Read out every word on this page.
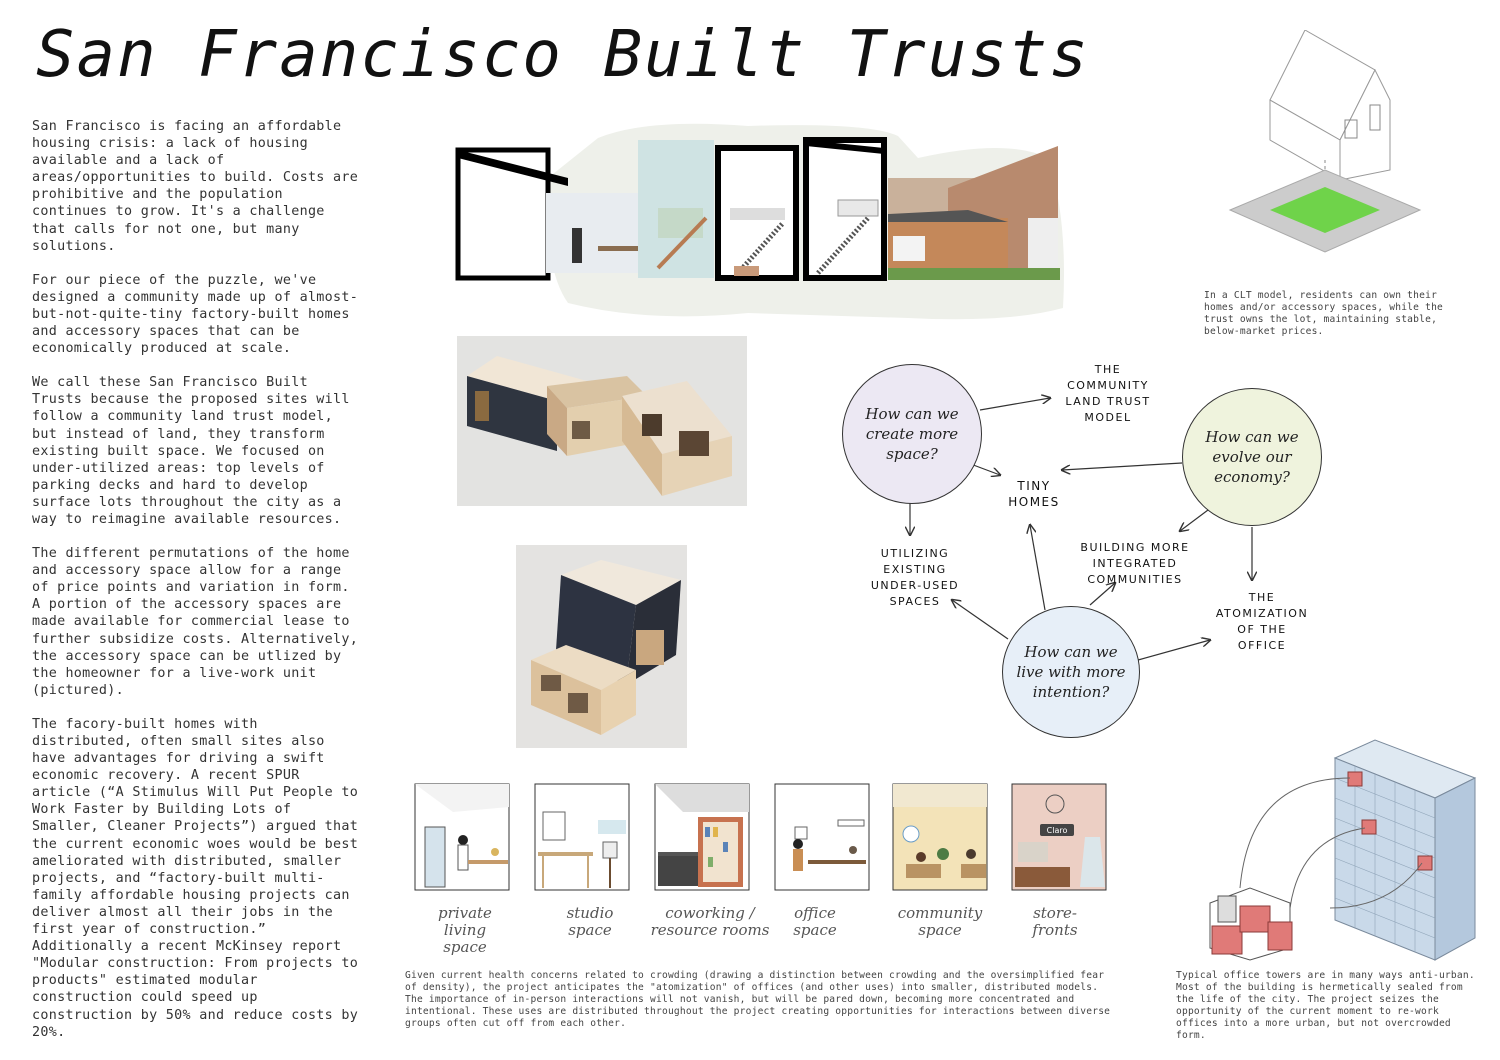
San Francisco Built Trusts

San Francisco is facing an affordable housing crisis: a lack of housing available and a lack of areas/opportunities to build. Costs are prohibitive and the population continues to grow. It's a challenge that calls for not one, but many solutions.

For our piece of the puzzle, we've designed a community made up of almost-but-not-quite-tiny factory-built homes and accessory spaces that can be economically produced at scale.

We call these San Francisco Built Trusts because the proposed sites will follow a community land trust model, but instead of land, they transform existing built space. We focused on under-utilized areas: top levels of parking decks and hard to develop surface lots throughout the city as a way to reimagine available resources.

The different permutations of the home and accessory space allow for a range of price points and variation in form. A portion of the accessory spaces are made available for commercial lease to further subsidize costs. Alternatively, the accessory space can be utlized by the homeowner for a live-work unit (pictured).

The facory-built homes with distributed, often small sites also have advantages for driving a swift economic recovery. A recent SPUR article (“A Stimulus Will Put People to Work Faster by Building Lots of Smaller, Cleaner Projects”) argued that the current economic woes would be best ameliorated with distributed, smaller projects, and “factory-built multi-family affordable housing projects can deliver almost all their jobs in the first year of construction.” Additionally a recent McKinsey report "Modular construction: From projects to products" estimated modular construction could speed up construction by 50% and reduce costs by 20%.

In a CLT model, residents can own their homes and/or accessory spaces, while the trust owns the lot, maintaining stable, below-market prices.
How can we create more space?
How can we evolve our economy?
How can we live with more intention?
THE COMMUNITY LAND TRUST MODEL
TINY HOMES
UTILIZING EXISTING UNDER-USED SPACES
BUILDING MORE INTEGRATED COMMUNITIES
THE ATOMIZATION OF THE OFFICE
Claro
private living space
studio space
coworking / resource rooms
office space
community space
store-fronts
Given current health concerns related to crowding (drawing a distinction between crowding and the oversimplified fear of density), the project anticipates the "atomization" of offices (and other uses) into smaller, distributed models. The importance of in-person interactions will not vanish, but will be pared down, becoming more concentrated and intentional. These uses are distributed throughout the project creating opportunities for interactions between diverse groups often cut off from each other.
Typical office towers are in many ways anti-urban. Most of the building is hermetically sealed from the life of the city. The project seizes the opportunity of the current moment to re-work offices into a more urban, but not overcrowded form.
